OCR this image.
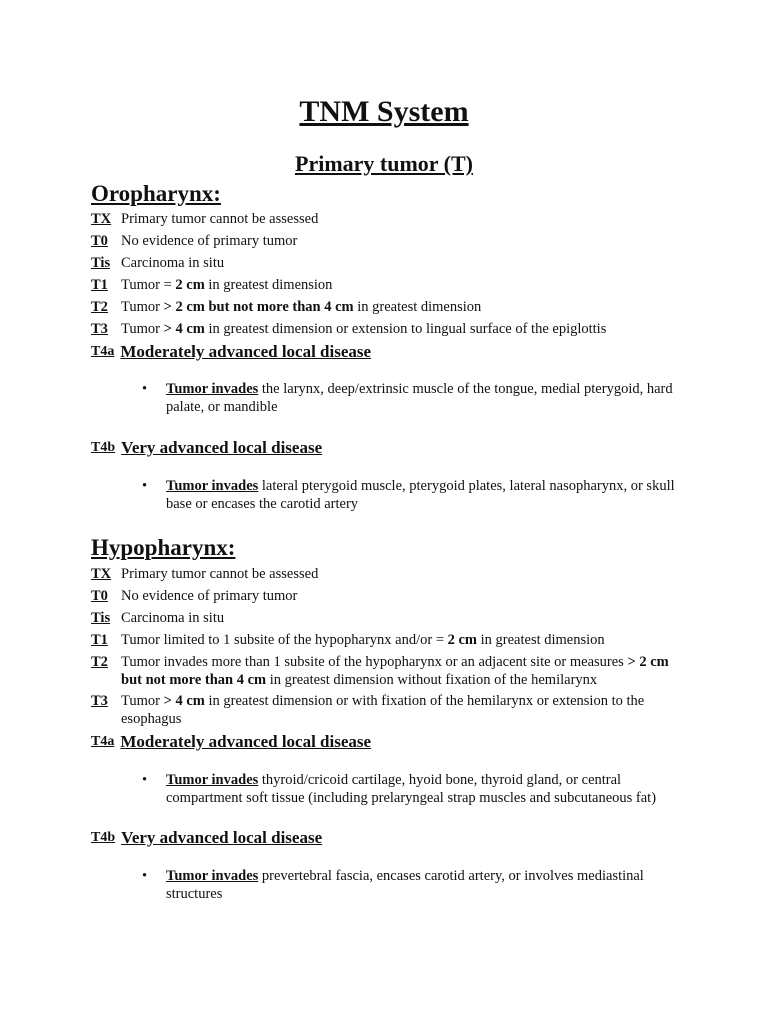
TNM System
Primary tumor (T)
Oropharynx:
TX Primary tumor cannot be assessed
T0 No evidence of primary tumor
Tis Carcinoma in situ
T1 Tumor = 2 cm in greatest dimension
T2 Tumor > 2 cm but not more than 4 cm in greatest dimension
T3 Tumor > 4 cm in greatest dimension or extension to lingual surface of the epiglottis
T4a Moderately advanced local disease
• Tumor invades the larynx, deep/extrinsic muscle of the tongue, medial pterygoid, hard palate, or mandible
T4b Very advanced local disease
• Tumor invades lateral pterygoid muscle, pterygoid plates, lateral nasopharynx, or skull base or encases the carotid artery
Hypopharynx:
TX Primary tumor cannot be assessed
T0 No evidence of primary tumor
Tis Carcinoma in situ
T1 Tumor limited to 1 subsite of the hypopharynx and/or = 2 cm in greatest dimension
T2 Tumor invades more than 1 subsite of the hypopharynx or an adjacent site or measures > 2 cm but not more than 4 cm in greatest dimension without fixation of the hemilarynx
T3 Tumor > 4 cm in greatest dimension or with fixation of the hemilarynx or extension to the esophagus
T4a Moderately advanced local disease
• Tumor invades thyroid/cricoid cartilage, hyoid bone, thyroid gland, or central compartment soft tissue (including prelaryngeal strap muscles and subcutaneous fat)
T4b Very advanced local disease
• Tumor invades prevertebral fascia, encases carotid artery, or involves mediastinal structures
